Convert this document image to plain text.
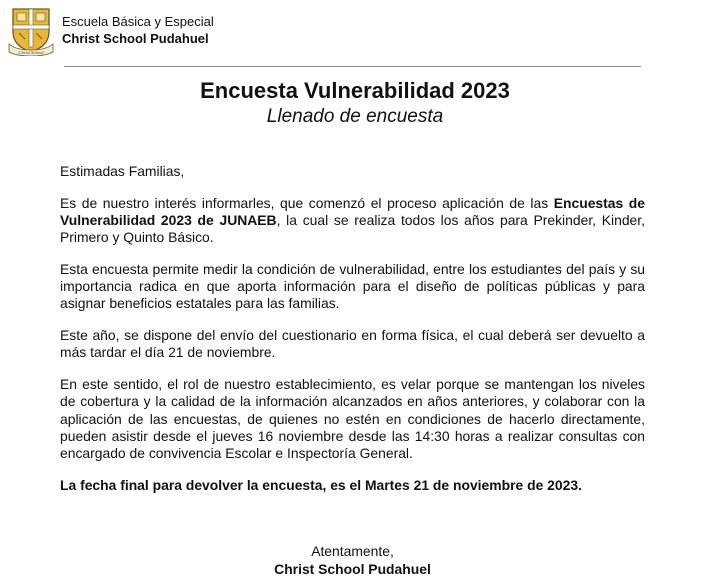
Christ School
Escuela Básica y Especial
Christ School Pudahuel
Encuesta Vulnerabilidad 2023
Llenado de encuesta

Estimadas Familias,

Es de nuestro interés informarles, que comenzó el proceso aplicación de las Encuestas de Vulnerabilidad 2023 de JUNAEB, la cual se realiza todos los años para Prekinder, Kinder, Primero y Quinto Básico.

Esta encuesta permite medir la condición de vulnerabilidad, entre los estudiantes del país y su importancia radica en que aporta información para el diseño de políticas públicas y para asignar beneficios estatales para las familias.

Este año, se dispone del envío del cuestionario en forma física, el cual deberá ser devuelto a más tardar el día 21 de noviembre.

En este sentido, el rol de nuestro establecimiento, es velar porque se mantengan los niveles de cobertura y la calidad de la información alcanzados en años anteriores, y colaborar con la aplicación de las encuestas, de quienes no estén en condiciones de hacerlo directamente, pueden asistir desde el jueves 16 noviembre desde las 14:30 horas a realizar consultas con encargado de convivencia Escolar e Inspectoría General.

La fecha final para devolver la encuesta, es el Martes 21 de noviembre de 2023.

Atentamente,
Christ School Pudahuel
